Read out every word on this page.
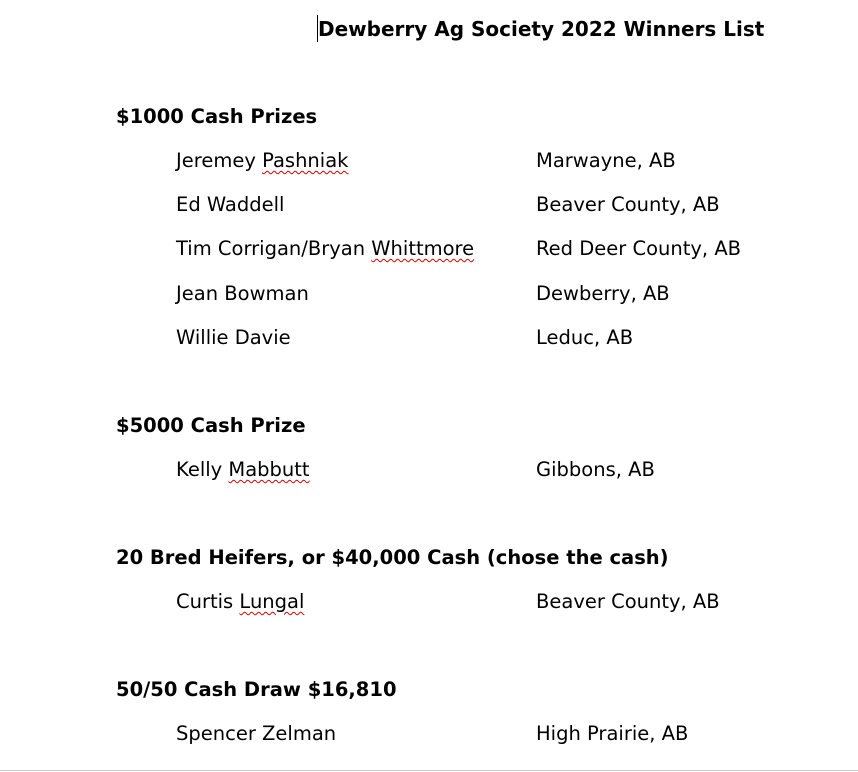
Dewberry Ag Society 2022 Winners List
$1000 Cash Prizes
Jeremey Pashniak	Marwayne, AB
Ed Waddell	Beaver County, AB
Tim Corrigan/Bryan Whittmore	Red Deer County, AB
Jean Bowman	Dewberry, AB
Willie Davie	Leduc, AB
$5000 Cash Prize
Kelly Mabbutt	Gibbons, AB
20 Bred Heifers, or $40,000 Cash (chose the cash)
Curtis Lungal	Beaver County, AB
50/50 Cash Draw $16,810
Spencer Zelman	High Prairie, AB
